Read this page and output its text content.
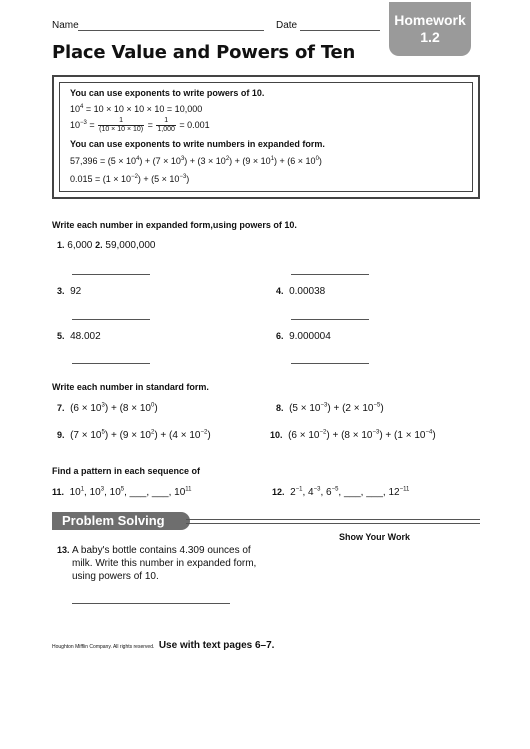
Name	Date	Homework
1.2
Place Value and Powers of Ten
You can use exponents to write powers of 10.
$10^4 = 10 \times 10 \times 10 \times 10 = 10,000$
$10^{-3} = \frac{1}{(10 \times 10 \times 10)} = \frac{1}{1,000} = 0.001$
You can use exponents to write numbers in expanded form.
$57,396 = (5 \times 10^4) + (7 \times 10^3) + (3 \times 10^2) + (9 \times 10^1) + (6 \times 10^0)$
$0.015 = (1 \times 10^{-2}) + (5 \times 10^{-3})$
Write each number in expanded form,using powers of 10.
1. 6,000 2. 59,000,000
3. 92	4. 0.00038
5. 48.002	6. 9.000004
Write each number in standard form.
7. $(6 \times 10^3) + (8 \times 10^0)$	8. $(5 \times 10^{-3}) + (2 \times 10^{-5})$
9. $(7 \times 10^5) + (9 \times 10^2) + (4 \times 10^{-2})$	10. $(6 \times 10^{-2}) + (8 \times 10^{-3}) + (1 \times 10^{-4})$
Find a pattern in each sequence of
11. $10^1$, $10^3$, $10^5$, ___, ___, $10^{11}$	12. $2^{-1}$, $4^{-3}$, $6^{-5}$, ___, ___, $12^{-11}$
Problem Solving
Show Your Work
13. A baby's bottle contains 4.309 ounces of
milk. Write this number in expanded form,
using powers of 10.
Houghton Mifflin Company. All rights reserved. Use with text pages 6–7.
